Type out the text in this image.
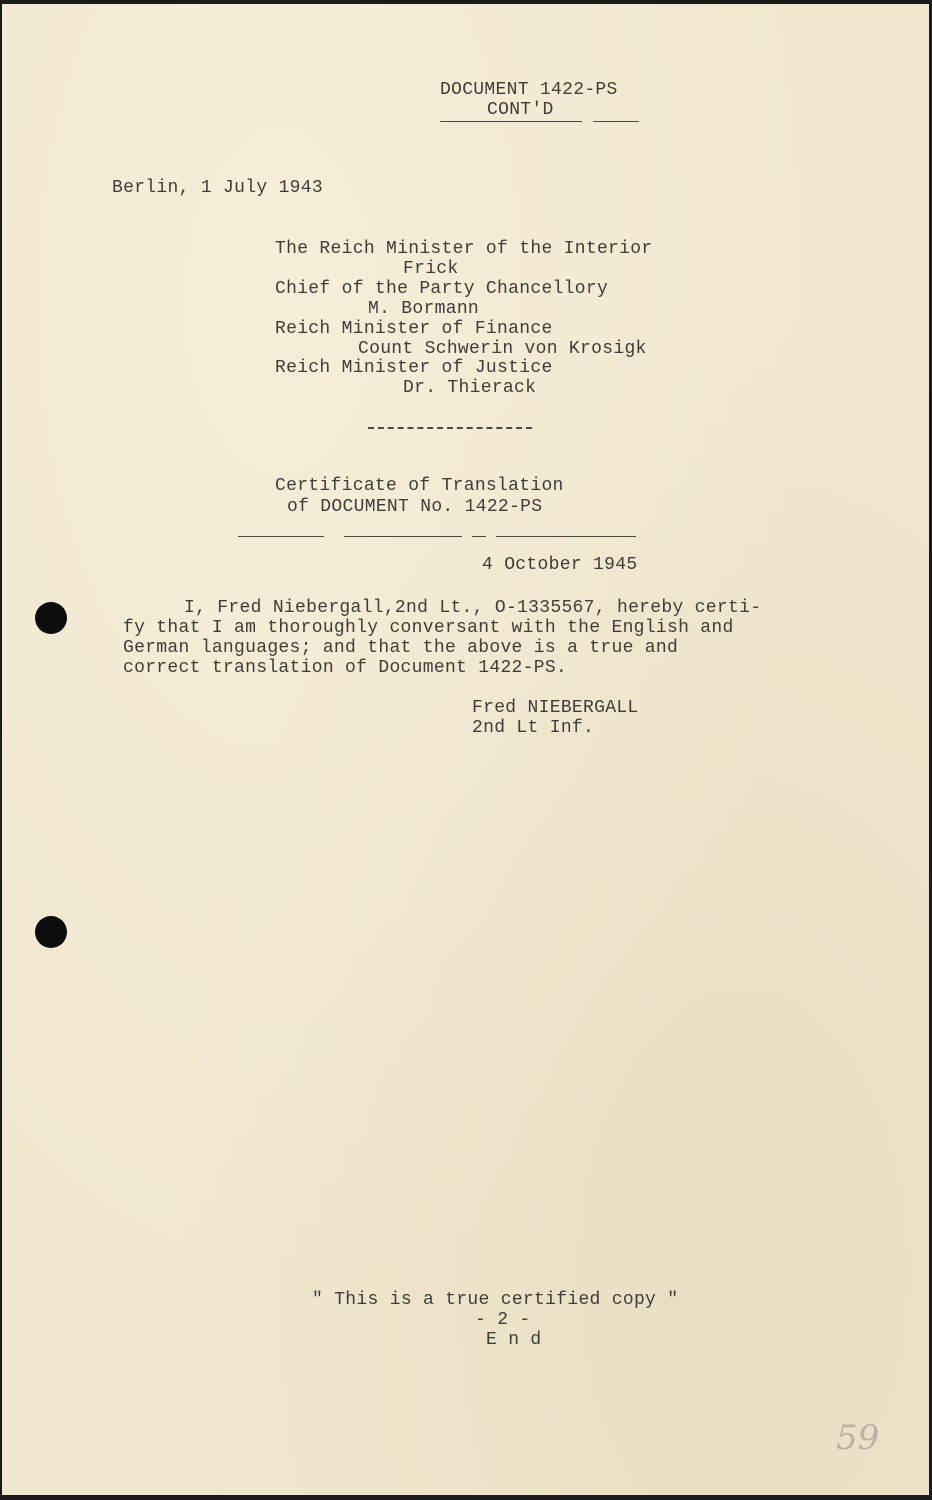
DOCUMENT 1422-PS
CONT'D
Berlin, 1 July 1943
The Reich Minister of the Interior
Frick
Chief of the Party Chancellory
M. Bormann
Reich Minister of Finance
Count Schwerin von Krosigk
Reich Minister of Justice
Dr. Thierack
Certificate of Translation
of DOCUMENT No. 1422-PS
4 October 1945
I, Fred Niebergall,2nd Lt., O-1335567, hereby certi-
fy that I am thoroughly conversant with the English and
German languages; and that the above is a true and
correct translation of Document 1422-PS.
Fred NIEBERGALL
2nd Lt Inf.
" This is a true certified copy "
- 2 -
E n d
59
